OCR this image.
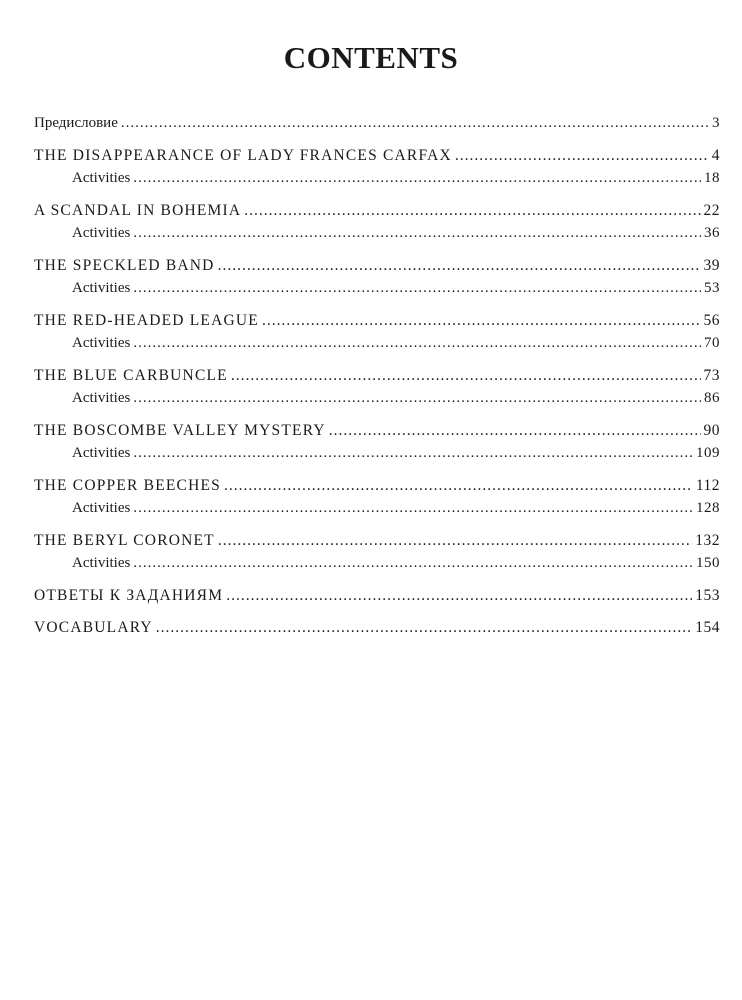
CONTENTS
Предисловие .....	3
THE DISAPPEARANCE OF LADY FRANCES CARFAX .....	4
Activities .....	18
A SCANDAL IN BOHEMIA .....	22
Activities .....	36
THE SPECKLED BAND .....	39
Activities .....	53
THE RED-HEADED LEAGUE .....	56
Activities .....	70
THE BLUE CARBUNCLE .....	73
Activities .....	86
THE BOSCOMBE VALLEY MYSTERY .....	90
Activities .....	109
THE COPPER BEECHES .....	112
Activities .....	128
THE BERYL CORONET .....	132
Activities .....	150
ОТВЕТЫ К ЗАДАНИЯМ .....	153
VOCABULARY .....	154
